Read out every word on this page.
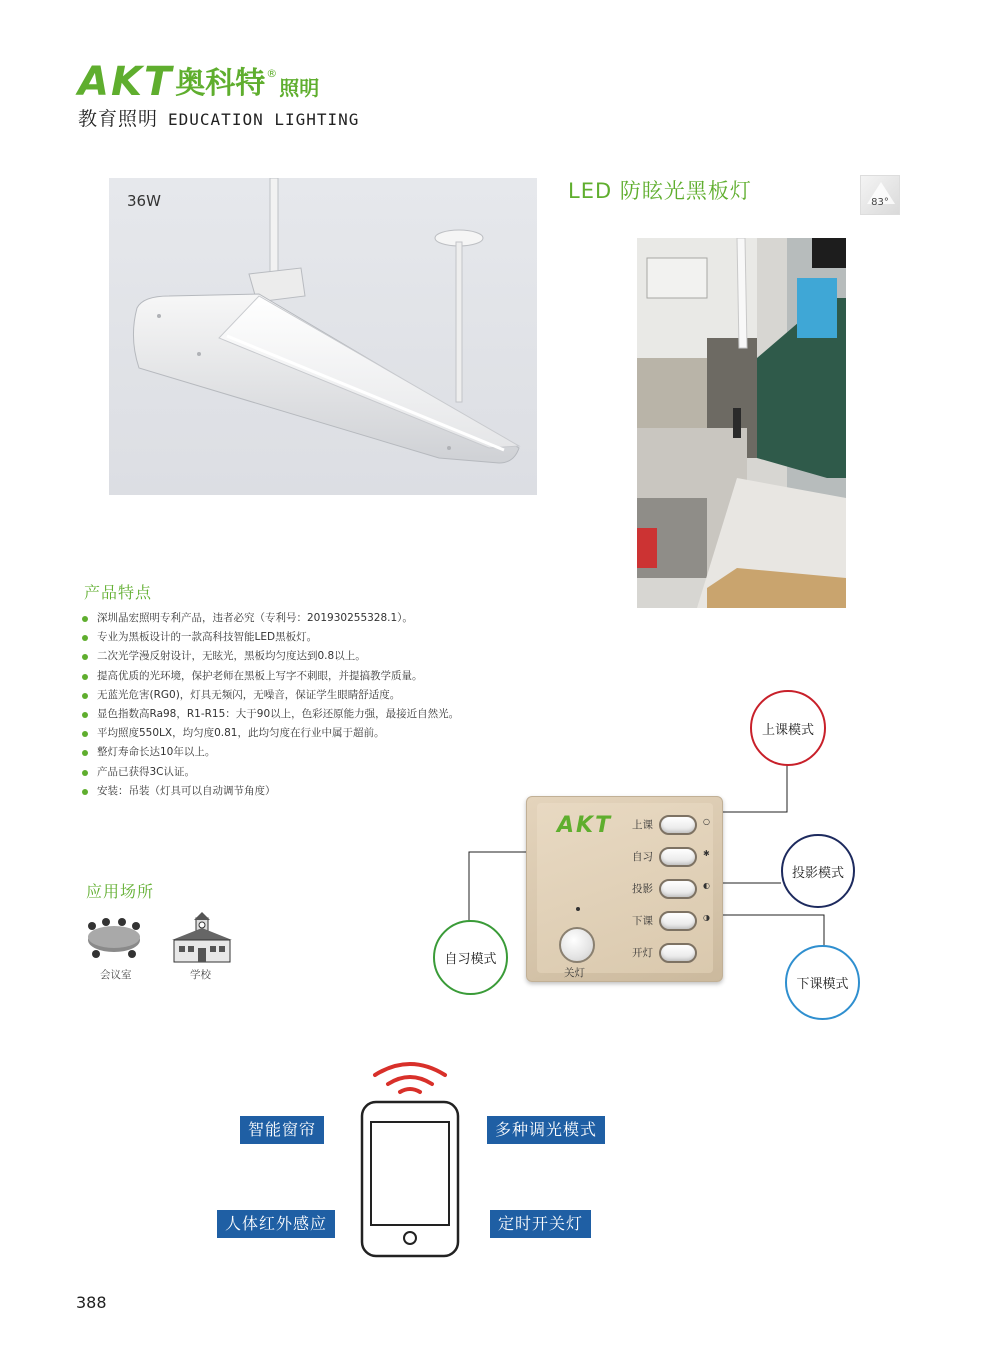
AKT 奥科特 ®
照明
教育照明 EDUCATION LIGHTING
36W	LED 防眩光黑板灯	83°
产品特点
深圳晶宏照明专利产品，违者必究（专利号：201930255328.1）。
专业为黑板设计的一款高科技智能LED黑板灯。
二次光学漫反射设计，无眩光，黑板均匀度达到0.8以上。
提高优质的光环境，保护老师在黑板上写字不刺眼，并提搞教学质量。
无蓝光危害(RG0)，灯具无频闪，无噪音，保证学生眼睛舒适度。
显色指数高Ra98，R1-R15：大于90以上，色彩还原能力强，最接近自然光。
平均照度550LX，均匀度0.81，此均匀度在行业中属于超前。
整灯寿命长达10年以上。
产品已获得3C认证。
安装：吊装（灯具可以自动调节角度）
应用场所
会议室	学校
AKT 上课	○
自习	✱
投影	◐
下课	◑
开灯
关灯
上课模式
投影模式
自习模式
下课模式
智能窗帘
人体红外感应
多种调光模式
定时开关灯
388
